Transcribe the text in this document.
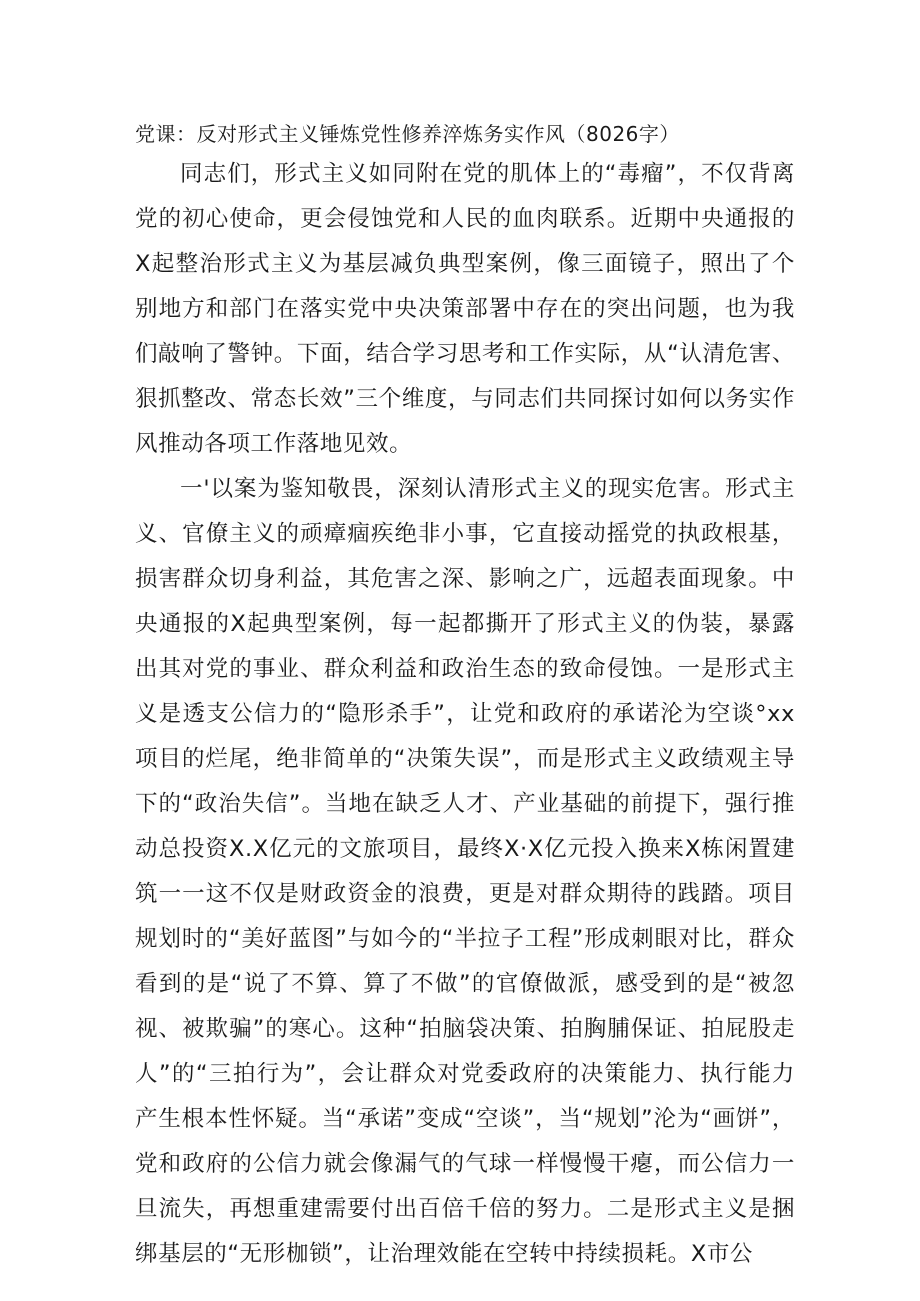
党课：反对形式主义锤炼党性修养淬炼务实作风（8026字）

同志们，形式主义如同附在党的肌体上的“毒瘤”，不仅背离党的初心使命，更会侵蚀党和人民的血肉联系。近期中央通报的X起整治形式主义为基层减负典型案例，像三面镜子，照出了个别地方和部门在落实党中央决策部署中存在的突出问题，也为我们敲响了警钟。下面，结合学习思考和工作实际，从“认清危害、狠抓整改、常态长效”三个维度，与同志们共同探讨如何以务实作风推动各项工作落地见效。

一'以案为鉴知敬畏，深刻认清形式主义的现实危害。形式主义、官僚主义的顽瘴痼疾绝非小事，它直接动摇党的执政根基，损害群众切身利益，其危害之深、影响之广，远超表面现象。中央通报的X起典型案例，每一起都撕开了形式主义的伪装，暴露出其对党的事业、群众利益和政治生态的致命侵蚀。一是形式主义是透支公信力的“隐形杀手”，让党和政府的承诺沦为空谈°xx项目的烂尾，绝非简单的“决策失误”，而是形式主义政绩观主导下的“政治失信”。当地在缺乏人才、产业基础的前提下，强行推动总投资X.X亿元的文旅项目，最终X·X亿元投入换来X栋闲置建筑一一这不仅是财政资金的浪费，更是对群众期待的践踏。项目规划时的“美好蓝图”与如今的“半拉子工程”形成刺眼对比，群众看到的是“说了不算、算了不做”的官僚做派，感受到的是“被忽视、被欺骗”的寒心。这种“拍脑袋决策、拍胸脯保证、拍屁股走人”的“三拍行为”，会让群众对党委政府的决策能力、执行能力产生根本性怀疑。当“承诺”变成“空谈”，当“规划”沦为“画饼”，党和政府的公信力就会像漏气的气球一样慢慢干瘪，而公信力一旦流失，再想重建需要付出百倍千倍的努力。二是形式主义是捆绑基层的“无形枷锁”，让治理效能在空转中持续损耗。X市公
